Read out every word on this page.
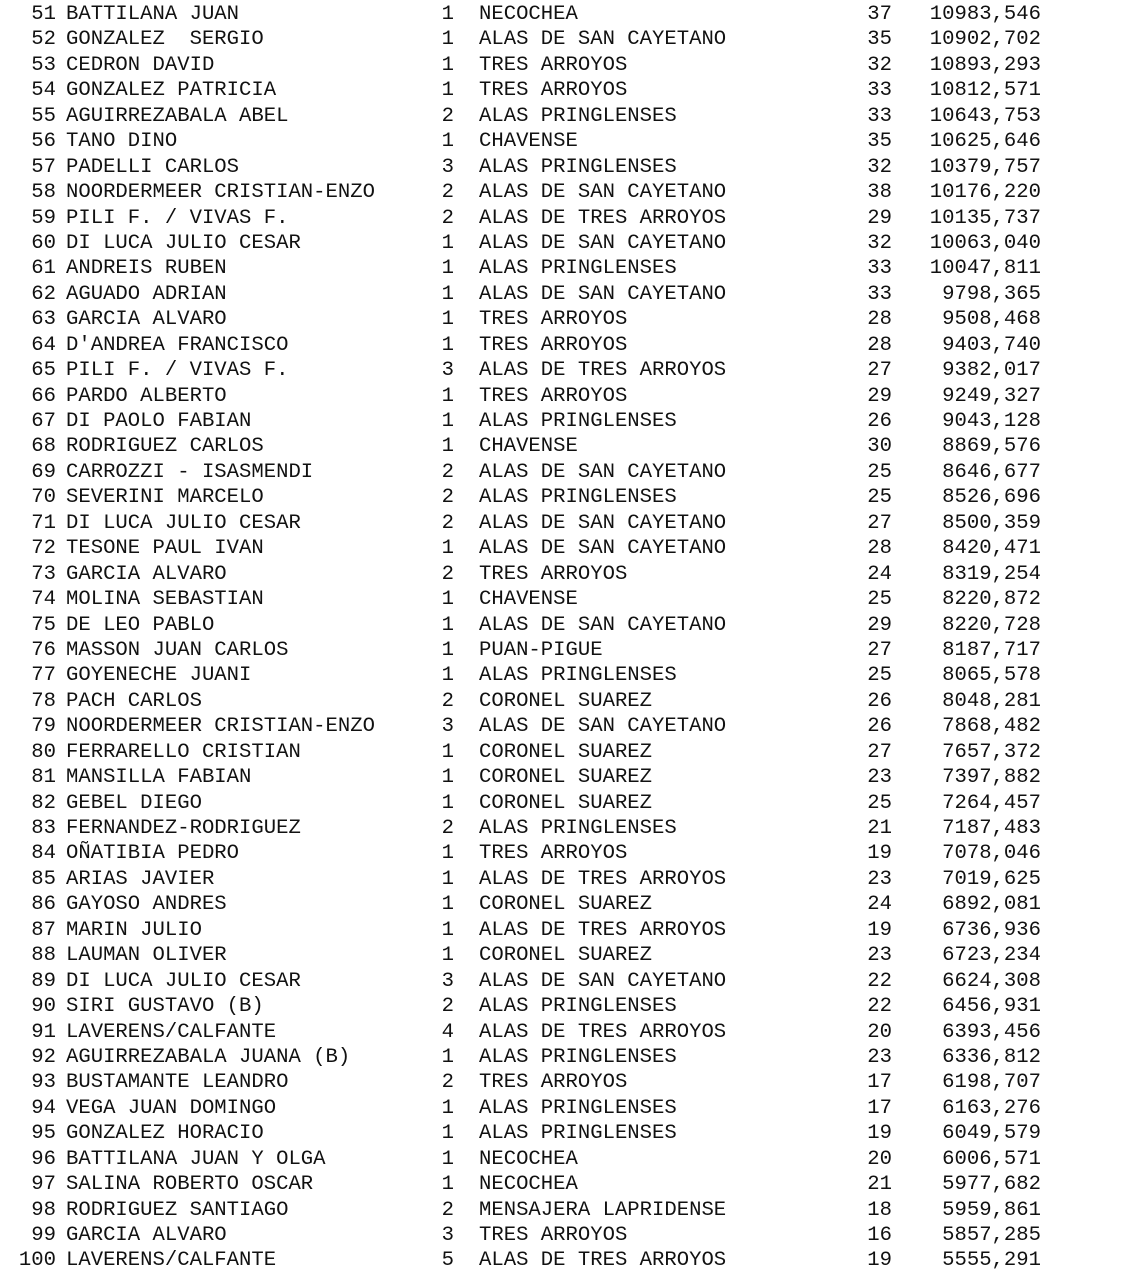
51 BATTILANA JUAN	1 NECOCHEA	37	10983,546
52 GONZALEZ  SERGIO	1 ALAS DE SAN CAYETANO	35	10902,702
53 CEDRON DAVID	1 TRES ARROYOS	32	10893,293
54 GONZALEZ PATRICIA	1 TRES ARROYOS	33	10812,571
55 AGUIRREZABALA ABEL	2 ALAS PRINGLENSES	33	10643,753
56 TANO DINO	1 CHAVENSE	35	10625,646
57 PADELLI CARLOS	3 ALAS PRINGLENSES	32	10379,757
58 NOORDERMEER CRISTIAN-ENZO	2 ALAS DE SAN CAYETANO	38	10176,220
59 PILI F. / VIVAS F.	2 ALAS DE TRES ARROYOS	29	10135,737
60 DI LUCA JULIO CESAR	1 ALAS DE SAN CAYETANO	32	10063,040
61 ANDREIS RUBEN	1 ALAS PRINGLENSES	33	10047,811
62 AGUADO ADRIAN	1 ALAS DE SAN CAYETANO	33	9798,365
63 GARCIA ALVARO	1 TRES ARROYOS	28	9508,468
64 D'ANDREA FRANCISCO	1 TRES ARROYOS	28	9403,740
65 PILI F. / VIVAS F.	3 ALAS DE TRES ARROYOS	27	9382,017
66 PARDO ALBERTO	1 TRES ARROYOS	29	9249,327
67 DI PAOLO FABIAN	1 ALAS PRINGLENSES	26	9043,128
68 RODRIGUEZ CARLOS	1 CHAVENSE	30	8869,576
69 CARROZZI - ISASMENDI	2 ALAS DE SAN CAYETANO	25	8646,677
70 SEVERINI MARCELO	2 ALAS PRINGLENSES	25	8526,696
71 DI LUCA JULIO CESAR	2 ALAS DE SAN CAYETANO	27	8500,359
72 TESONE PAUL IVAN	1 ALAS DE SAN CAYETANO	28	8420,471
73 GARCIA ALVARO	2 TRES ARROYOS	24	8319,254
74 MOLINA SEBASTIAN	1 CHAVENSE	25	8220,872
75 DE LEO PABLO	1 ALAS DE SAN CAYETANO	29	8220,728
76 MASSON JUAN CARLOS	1 PUAN-PIGUE	27	8187,717
77 GOYENECHE JUANI	1 ALAS PRINGLENSES	25	8065,578
78 PACH CARLOS	2 CORONEL SUAREZ	26	8048,281
79 NOORDERMEER CRISTIAN-ENZO	3 ALAS DE SAN CAYETANO	26	7868,482
80 FERRARELLO CRISTIAN	1 CORONEL SUAREZ	27	7657,372
81 MANSILLA FABIAN	1 CORONEL SUAREZ	23	7397,882
82 GEBEL DIEGO	1 CORONEL SUAREZ	25	7264,457
83 FERNANDEZ-RODRIGUEZ	2 ALAS PRINGLENSES	21	7187,483
84 OÑATIBIA PEDRO	1 TRES ARROYOS	19	7078,046
85 ARIAS JAVIER	1 ALAS DE TRES ARROYOS	23	7019,625
86 GAYOSO ANDRES	1 CORONEL SUAREZ	24	6892,081
87 MARIN JULIO	1 ALAS DE TRES ARROYOS	19	6736,936
88 LAUMAN OLIVER	1 CORONEL SUAREZ	23	6723,234
89 DI LUCA JULIO CESAR	3 ALAS DE SAN CAYETANO	22	6624,308
90 SIRI GUSTAVO (B)	2 ALAS PRINGLENSES	22	6456,931
91 LAVERENS/CALFANTE	4 ALAS DE TRES ARROYOS	20	6393,456
92 AGUIRREZABALA JUANA (B)	1 ALAS PRINGLENSES	23	6336,812
93 BUSTAMANTE LEANDRO	2 TRES ARROYOS	17	6198,707
94 VEGA JUAN DOMINGO	1 ALAS PRINGLENSES	17	6163,276
95 GONZALEZ HORACIO	1 ALAS PRINGLENSES	19	6049,579
96 BATTILANA JUAN Y OLGA	1 NECOCHEA	20	6006,571
97 SALINA ROBERTO OSCAR	1 NECOCHEA	21	5977,682
98 RODRIGUEZ SANTIAGO	2 MENSAJERA LAPRIDENSE	18	5959,861
99 GARCIA ALVARO	3 TRES ARROYOS	16	5857,285
100 LAVERENS/CALFANTE	5 ALAS DE TRES ARROYOS	19	5555,291
